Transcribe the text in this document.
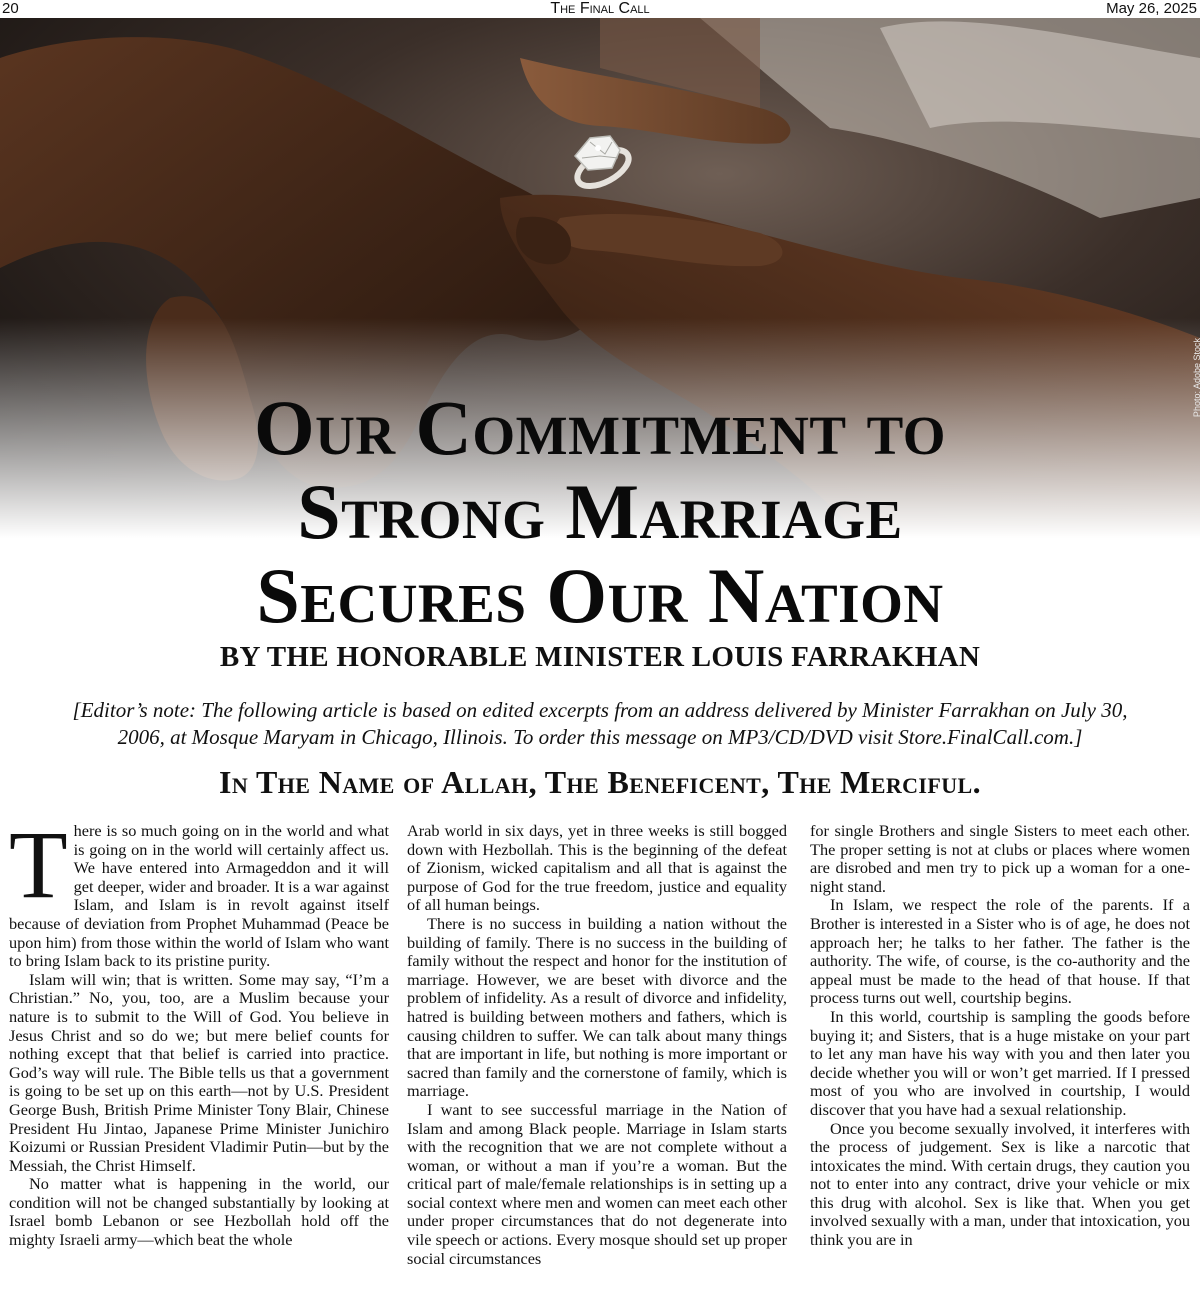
20	The Final Call	May 26, 2025
Photo: Adobe Stock
Our Commitment to
Strong Marriage
Secures Our Nation
BY THE HONORABLE MINISTER LOUIS FARRAKHAN
[Editor’s note: The following article is based on edited excerpts from an address delivered by Minister Farrakhan on July 30,
2006, at Mosque Maryam in Chicago, Illinois. To order this message on MP3/CD/DVD visit Store.FinalCall.com.]
In The Name of Allah, The Beneficent, The Merciful.

There is so much going on in the world and what is going on in the world will certainly affect us. We have entered into Armageddon and it will get deeper, wider and broader. It is a war against Islam, and Islam is in revolt against itself because of deviation from Prophet Muhammad (Peace be upon him) from those within the world of Islam who want to bring Islam back to its pristine purity.

Islam will win; that is written. Some may say, “I’m a Christian.” No, you, too, are a Muslim because your nature is to submit to the Will of God. You believe in Jesus Christ and so do we; but mere belief counts for nothing except that that belief is carried into practice. God’s way will rule. The Bible tells us that a government is going to be set up on this earth—not by U.S. President George Bush, British Prime Minister Tony Blair, Chinese President Hu Jintao, Japanese Prime Minister Junichiro Koizumi or Russian President Vladimir Putin—but by the Messiah, the Christ Himself.

No matter what is happening in the world, our condition will not be changed substantially by looking at Israel bomb Lebanon or see Hezbollah hold off the mighty Israeli army—which beat the whole

Arab world in six days, yet in three weeks is still bogged down with Hezbollah. This is the beginning of the defeat of Zionism, wicked capitalism and all that is against the purpose of God for the true freedom, justice and equality of all human beings.

There is no success in building a nation without the building of family. There is no success in the building of family without the respect and honor for the institution of marriage. However, we are beset with divorce and the problem of infidelity. As a result of divorce and infidelity, hatred is building between mothers and fathers, which is causing children to suffer. We can talk about many things that are important in life, but nothing is more important or sacred than family and the cornerstone of family, which is marriage.

I want to see successful marriage in the Nation of Islam and among Black people. Marriage in Islam starts with the recognition that we are not complete without a woman, or without a man if you’re a woman. But the critical part of male/female relationships is in setting up a social context where men and women can meet each other under proper circumstances that do not degenerate into vile speech or actions. Every mosque should set up proper social circumstances

for single Brothers and single Sisters to meet each other. The proper setting is not at clubs or places where women are disrobed and men try to pick up a woman for a one-night stand.

In Islam, we respect the role of the parents. If a Brother is interested in a Sister who is of age, he does not approach her; he talks to her father. The father is the authority. The wife, of course, is the co-authority and the appeal must be made to the head of that house. If that process turns out well, courtship begins.

In this world, courtship is sampling the goods before buying it; and Sisters, that is a huge mistake on your part to let any man have his way with you and then later you decide whether you will or won’t get married. If I pressed most of you who are involved in courtship, I would discover that you have had a sexual relationship.

Once you become sexually involved, it interferes with the process of judgement. Sex is like a narcotic that intoxicates the mind. With certain drugs, they caution you not to enter into any contract, drive your vehicle or mix this drug with alcohol. Sex is like that. When you get involved sexually with a man, under that intoxication, you think you are in
